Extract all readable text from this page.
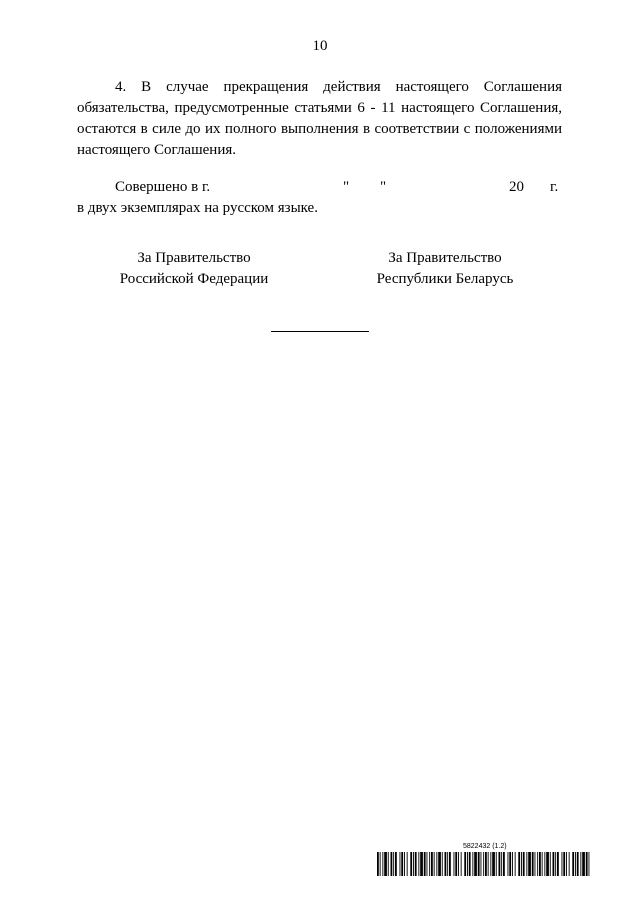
10
4. В случае прекращения действия настоящего Соглашения обязательства, предусмотренные статьями 6 - 11 настоящего Соглашения, остаются в силе до их полного выполнения в соответствии с положениями настоящего Соглашения.
Совершено в г.	" "	20 г.
в двух экземплярах на русском языке.
За Правительство
Российской Федерации
За Правительство
Республики Беларусь
5822432 (1.2)
